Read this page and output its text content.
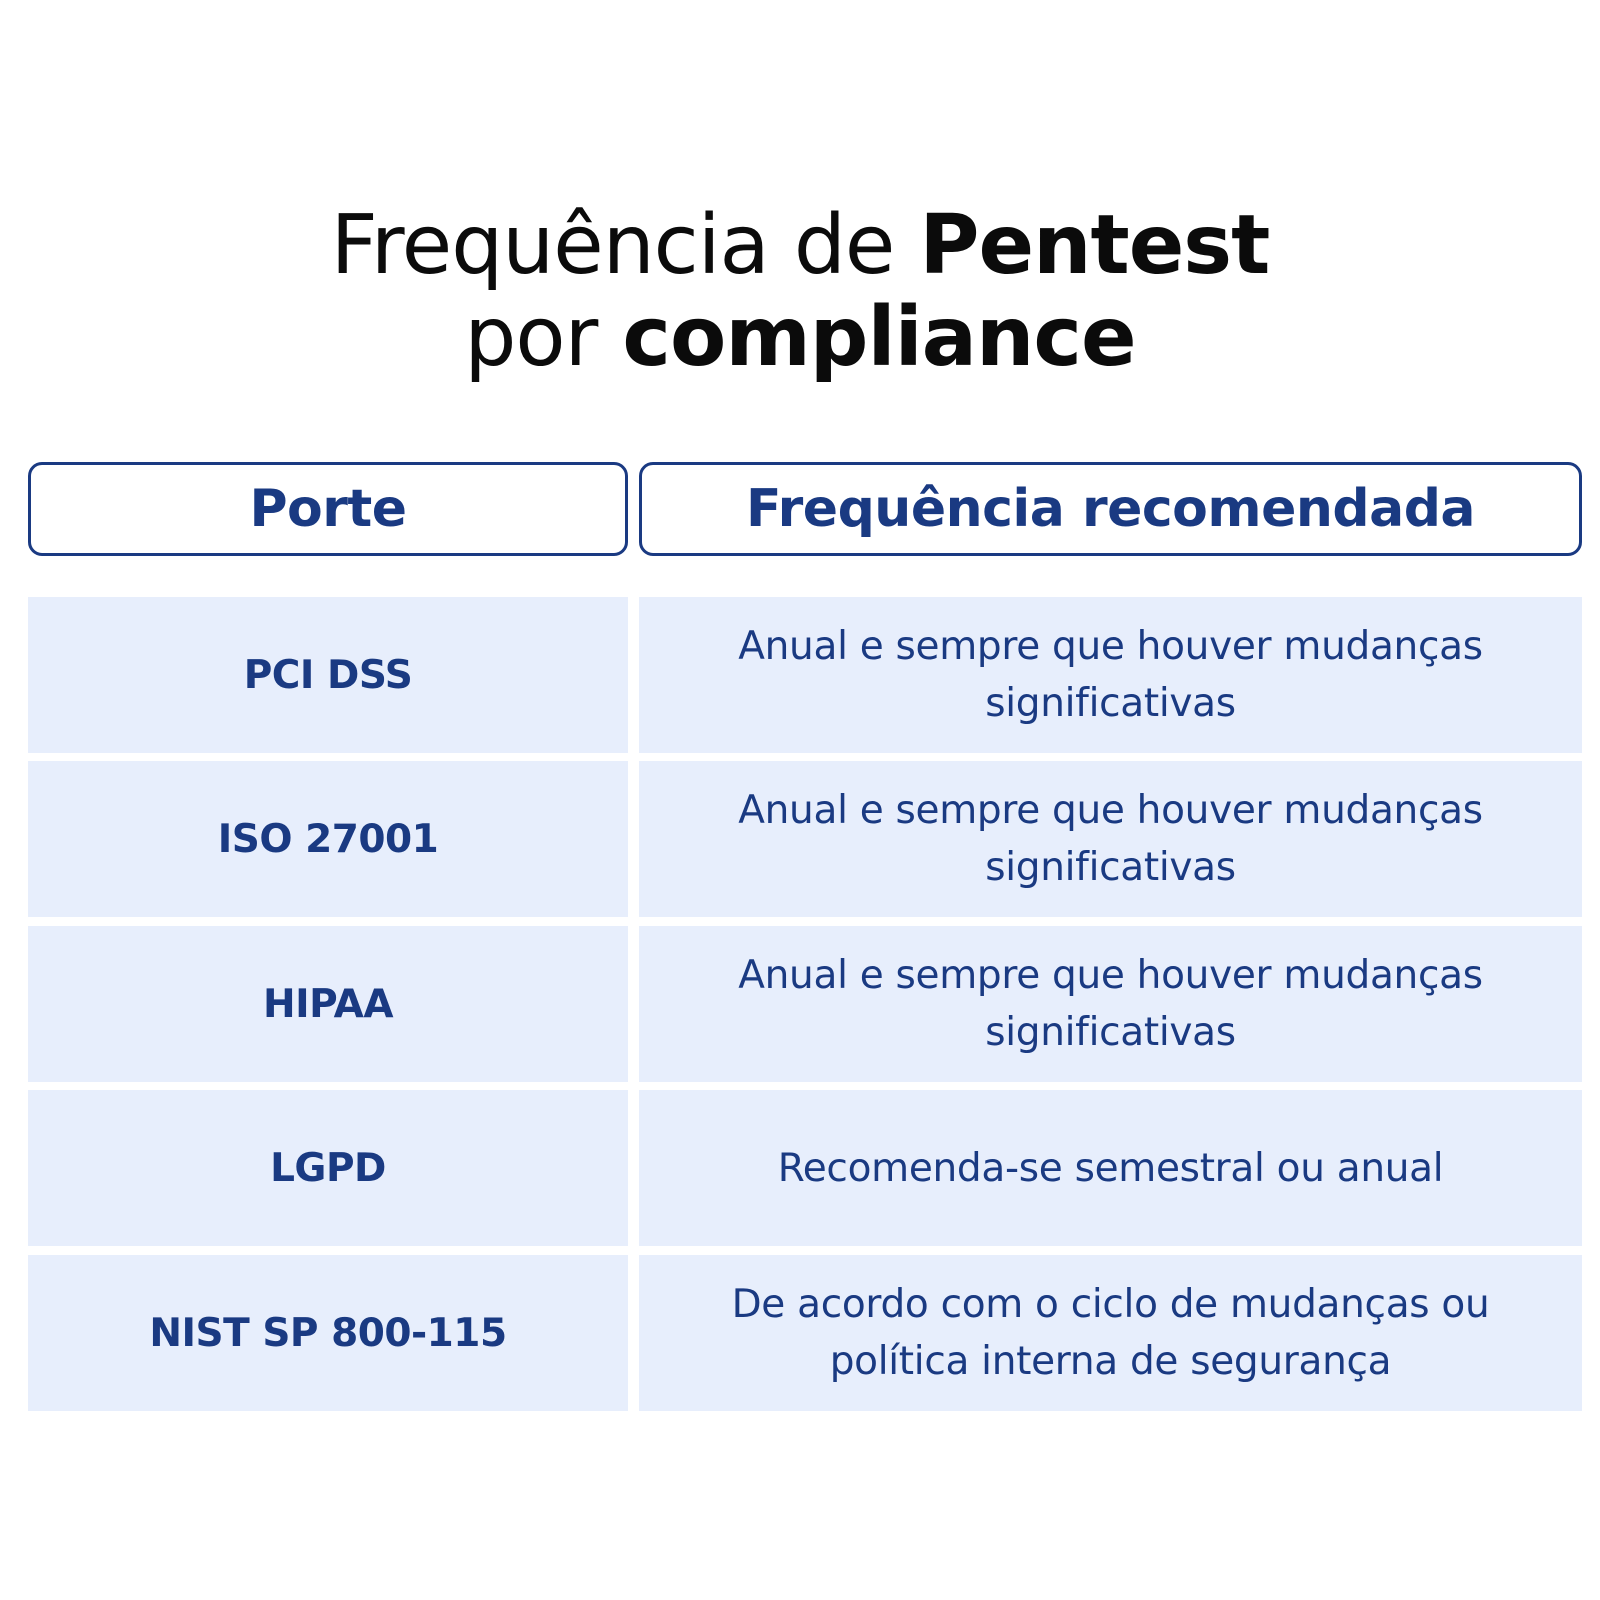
Frequência de Pentest
por compliance
Porte	Frequência recomendada
PCI DSS
Anual e sempre que houver mudanças significativas
ISO 27001
Anual e sempre que houver mudanças significativas
HIPAA
Anual e sempre que houver mudanças significativas
LGPD	Recomenda-se semestral ou anual
NIST SP 800-115
De acordo com o ciclo de mudanças ou política interna de segurança
